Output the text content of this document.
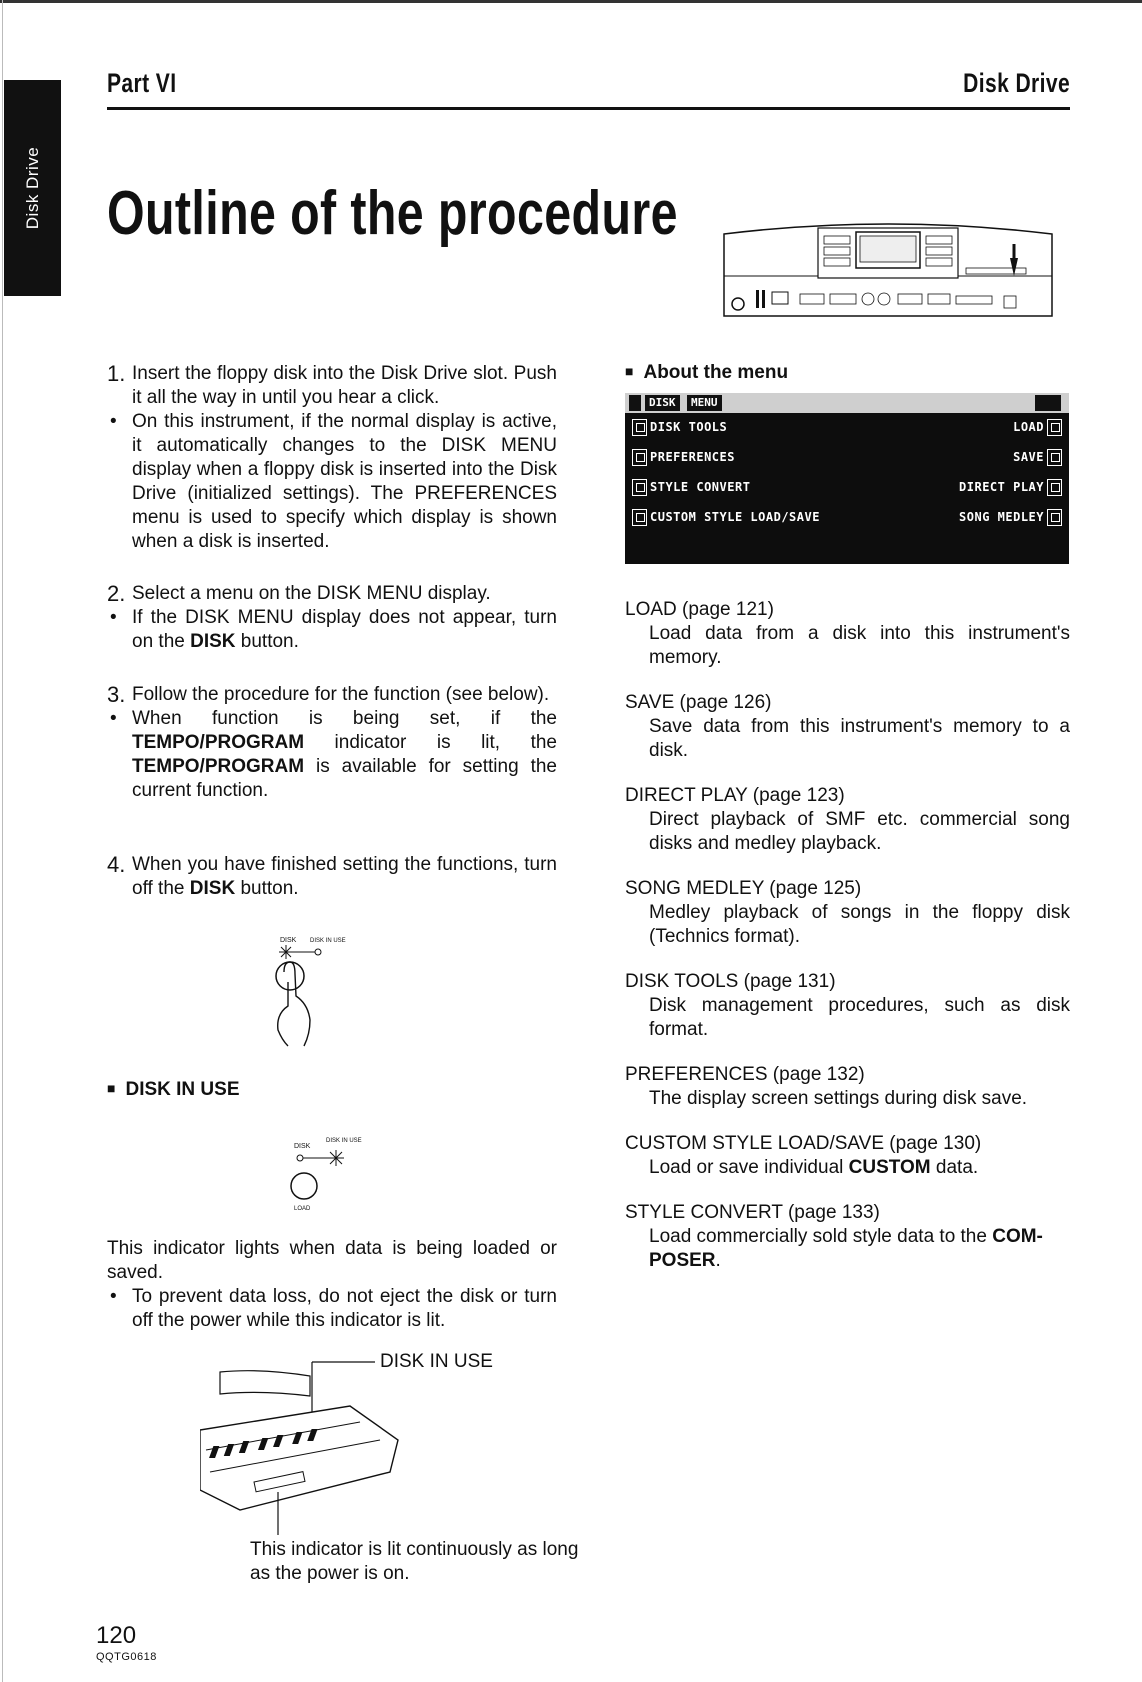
Disk Drive
Part VI	Disk Drive
Outline of the procedure
1. Insert the floppy disk into the Disk Drive slot. Push it all the way in until you hear a click.
• On this instrument, if the normal display is active, it automatically changes to the DISK MENU display when a floppy disk is inserted into the Disk Drive (initialized settings). The PREFERENCES menu is used to specify which display is shown when a disk is inserted.
2. Select a menu on the DISK MENU display.
• If the DISK MENU display does not appear, turn on the DISK button.
3. Follow the procedure for the function (see below).
• When function is being set, if the TEMPO/PROGRAM indicator is lit, the TEMPO/PROGRAM is available for setting the current function.
4. When you have finished setting the functions, turn off the DISK button.
DISK DISK IN USE
■ DISK IN USE
DISK
DISK IN USE
LOAD
This indicator lights when data is being loaded or saved.
• To prevent data loss, do not eject the disk or turn off the power while this indicator is lit.
DISK IN USE
This indicator is lit continuously as long as the power is on.
■ About the menu
DISK	MENU
DISK TOOLS
PREFERENCES
STYLE CONVERT
CUSTOM STYLE LOAD/SAVE
LOAD
SAVE
DIRECT PLAY
SONG MEDLEY
LOAD (page 121)
Load data from a disk into this instrument's memory.
SAVE (page 126)
Save data from this instrument's memory to a disk.
DIRECT PLAY (page 123)
Direct playback of SMF etc. commercial song disks and medley playback.
SONG MEDLEY (page 125)
Medley playback of songs in the floppy disk (Technics format).
DISK TOOLS (page 131)
Disk management procedures, such as disk format.
PREFERENCES (page 132)
The display screen settings during disk save.
CUSTOM STYLE LOAD/SAVE (page 130)
Load or save individual CUSTOM data.
STYLE CONVERT (page 133)
Load commercially sold style data to the COM-POSER.
120
QQTG0618
